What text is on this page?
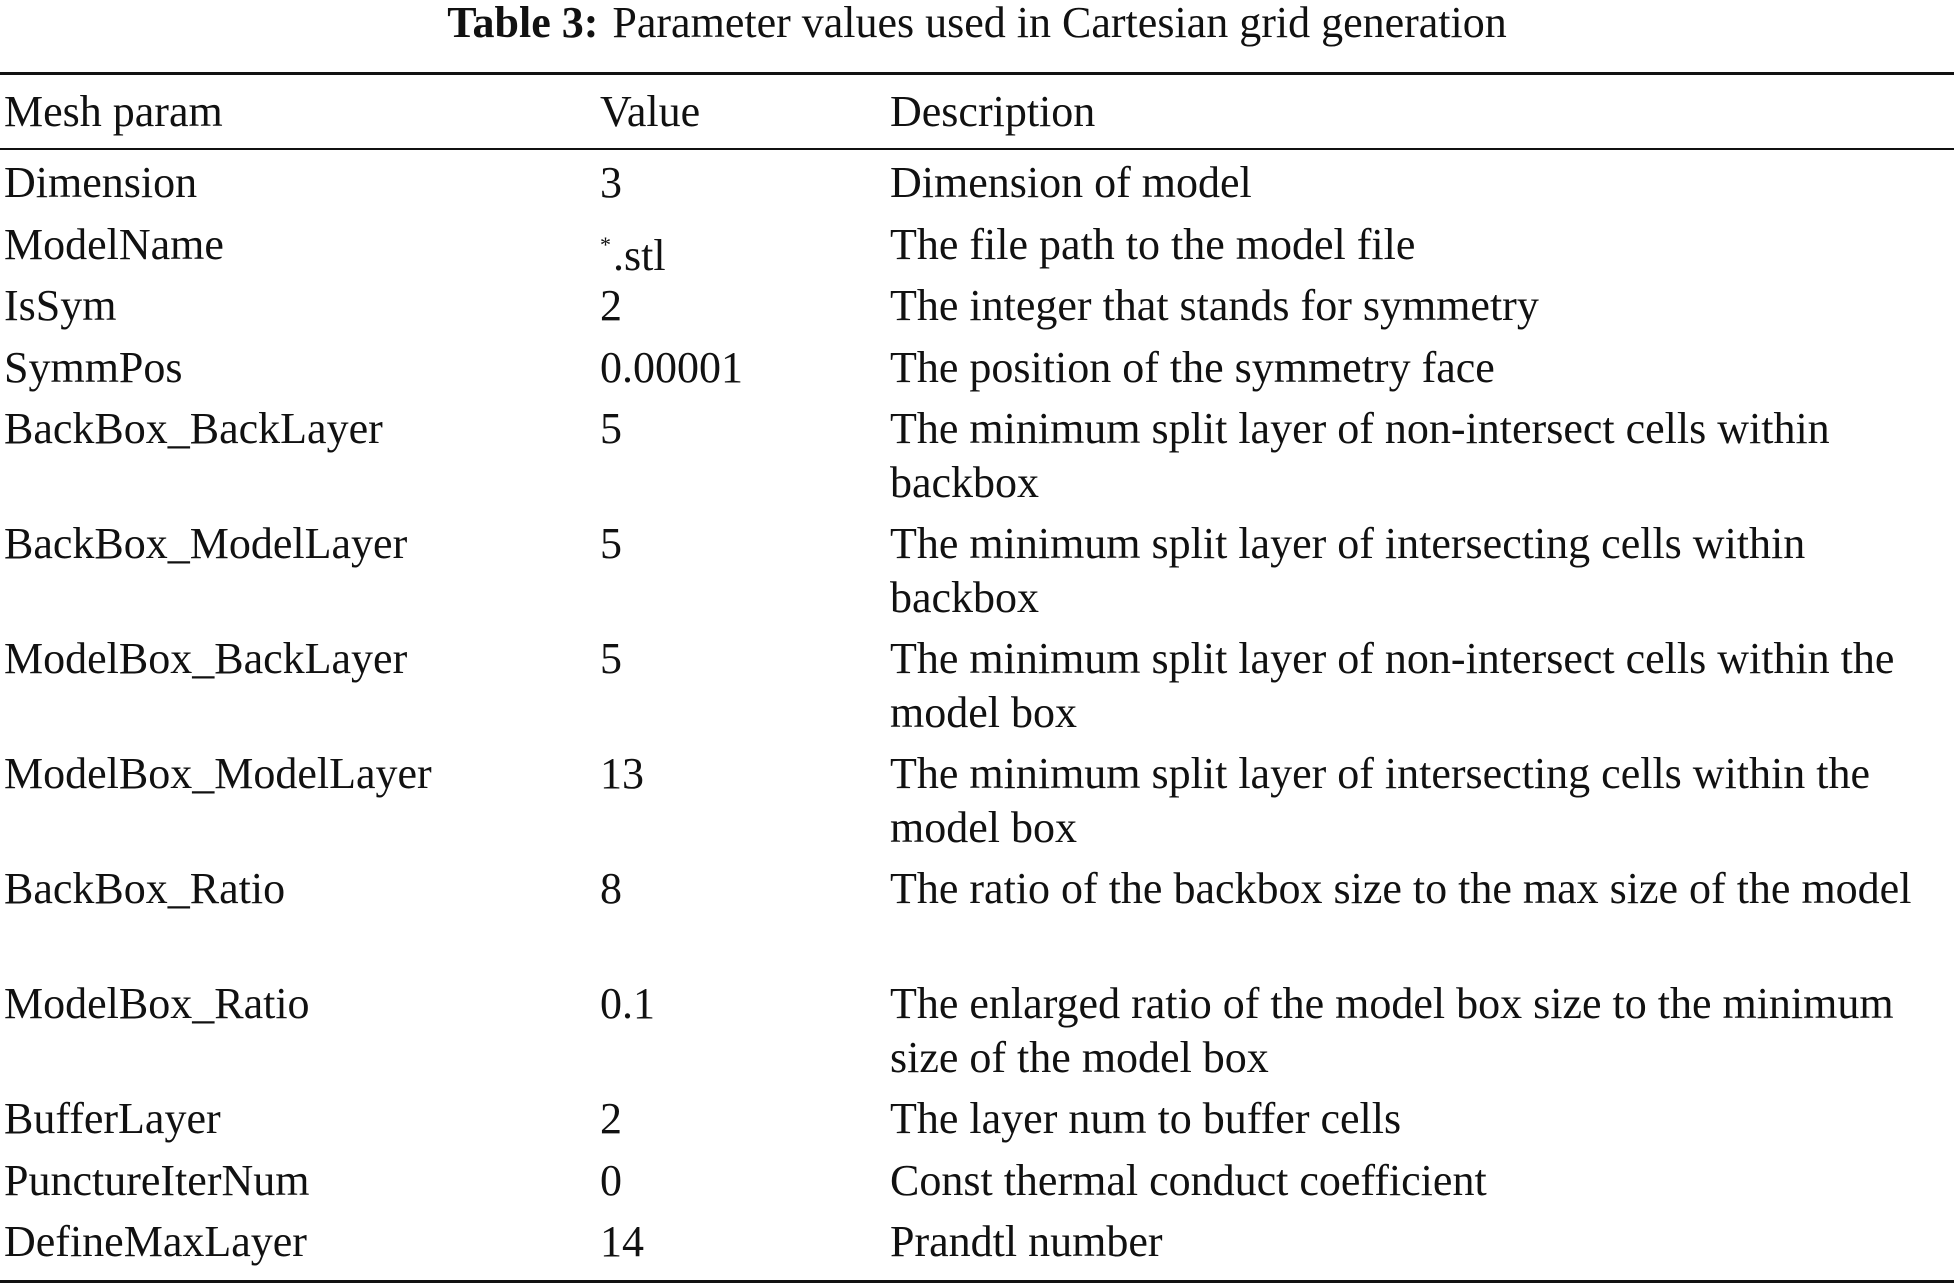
Table 3: Parameter values used in Cartesian grid generation
Mesh param	Value	Description
Dimension	3	Dimension of model
ModelName	*.stl	The file path to the model file
IsSym	2	The integer that stands for symmetry
SymmPos	0.00001	The position of the symmetry face
BackBox_BackLayer	5	The minimum split layer of non-intersect cells within backbox
BackBox_ModelLayer	5	The minimum split layer of intersecting cells within backbox
ModelBox_BackLayer	5	The minimum split layer of non-intersect cells within the model box
ModelBox_ModelLayer	13	The minimum split layer of intersecting cells within the model box
BackBox_Ratio	8	The ratio of the backbox size to the max size of the model
ModelBox_Ratio	0.1	The enlarged ratio of the model box size to the minimum size of the model box
BufferLayer	2	The layer num to buffer cells
PunctureIterNum	0	Const thermal conduct coefficient
DefineMaxLayer	14	Prandtl number
